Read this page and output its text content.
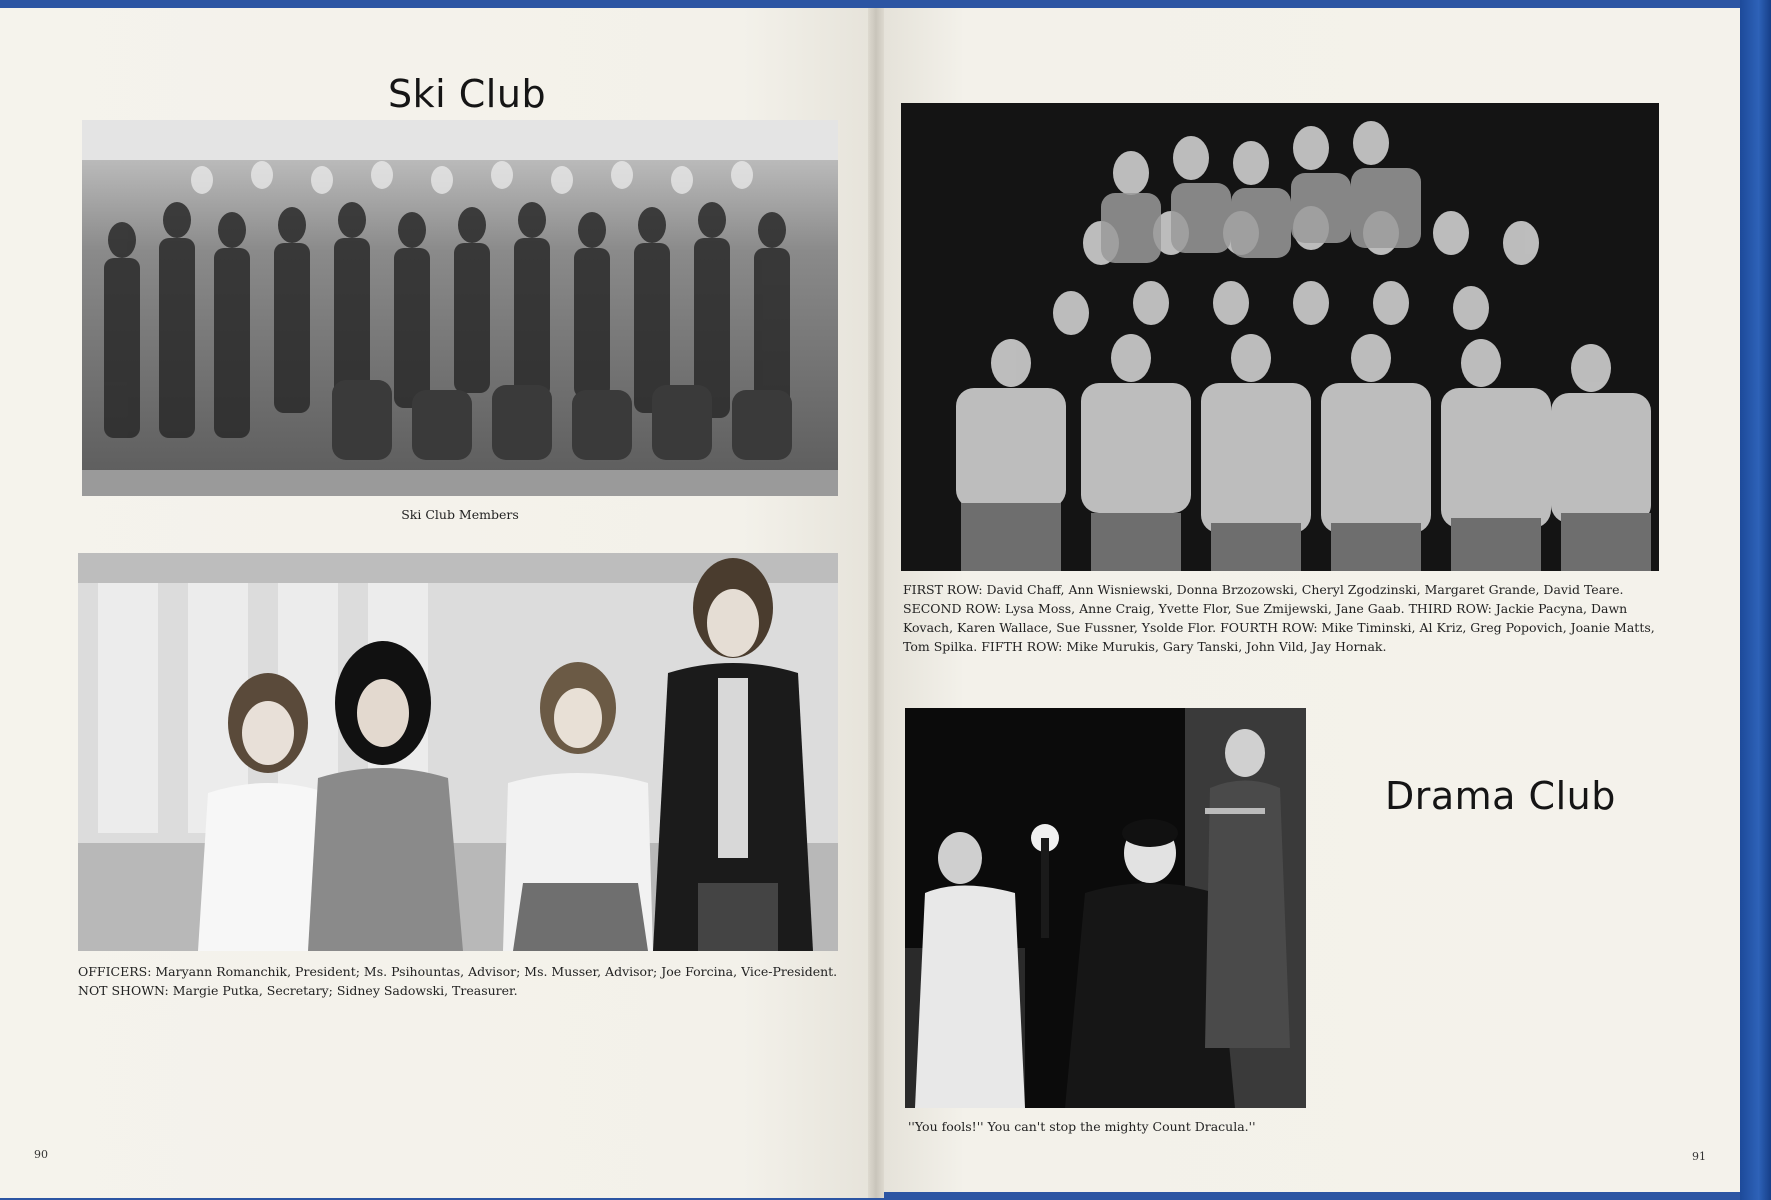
Ski Club

Ski Club Members

OFFICERS: Maryann Romanchik, President; Ms. Psihountas, Advisor; Ms. Musser, Advisor; Joe Forcina, Vice-President. NOT SHOWN: Margie Putka, Secretary; Sidney Sadowski, Treasurer.

90

FIRST ROW: David Chaff, Ann Wisniewski, Donna Brzozowski, Cheryl Zgodzinski, Margaret Grande, David Teare. SECOND ROW: Lysa Moss, Anne Craig, Yvette Flor, Sue Zmijewski, Jane Gaab. THIRD ROW: Jackie Pacyna, Dawn Kovach, Karen Wallace, Sue Fussner, Ysolde Flor. FOURTH ROW: Mike Timinski, Al Kriz, Greg Popovich, Joanie Matts, Tom Spilka. FIFTH ROW: Mike Murukis, Gary Tanski, John Vild, Jay Hornak.

Drama Club

''You fools!'' You can't stop the mighty Count Dracula.''

91
